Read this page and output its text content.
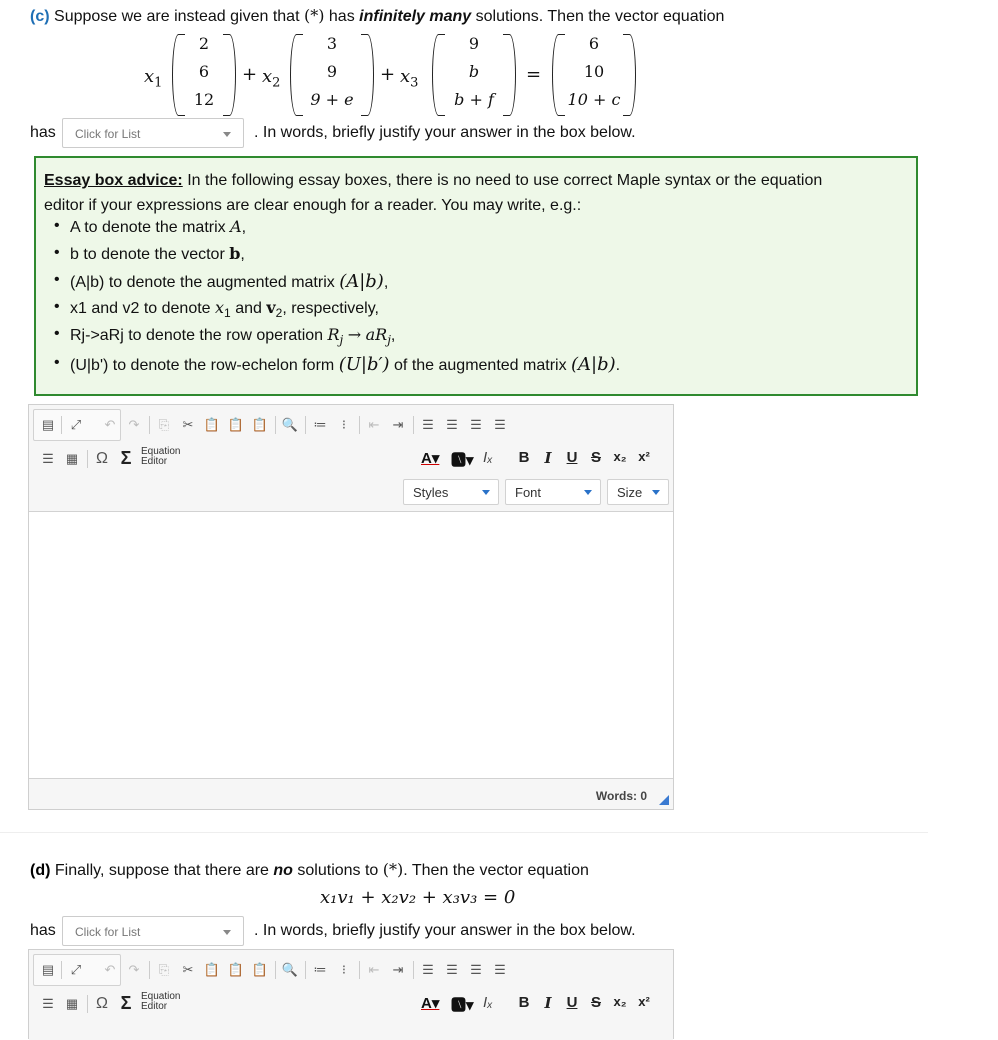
(c) Suppose we are instead given that (*) has infinitely many solutions. Then the vector equation
$x_1$
2
6
12
+ $x_2$
3
9
9 + e
+ $x_3$
9
b
b + f
=
6
10
10 + c
has Click for List	. In words, briefly justify your answer in the box below.

Essay box advice: In the following essay boxes, there is no need to use correct Maple syntax or the equation

editor if your expressions are clear enough for a reader. You may write, e.g.:

• A to denote the matrix A,
• b to denote the vector b,
• (A|b) to denote the augmented matrix (A|b),
• x1 and v2 to denote $x_1$ and $v_2$, respectively,
• Rj->aRj to denote the row operation $R_j \to aR_j$,
• (U|b') to denote the row-echelon form (U|b′) of the augmented matrix (A|b).
▤ ⤢ ↶ ↷ ⎘ ✂ 📋 📋 📋 🔍 ≔	⁝	⇤ ⇥ ☰ ☰ ☰ ☰
☰ ▦ Ω Σ Equation
Editor	A▾ 🅰▾ Iₓ B	I	U S x₂ x²
Styles	Font	Size
Words: 0
(d) Finally, suppose that there are no solutions to (*). Then the vector equation
x₁v₁ + x₂v₂ + x₃v₃ = 0
has Click for List	. In words, briefly justify your answer in the box below.
▤ ⤢ ↶ ↷ ⎘ ✂ 📋 📋 📋 🔍 ≔	⁝	⇤ ⇥ ☰ ☰ ☰ ☰
☰ ▦ Ω Σ Equation
Editor	A▾ 🅰▾ Iₓ B	I	U S x₂ x²
